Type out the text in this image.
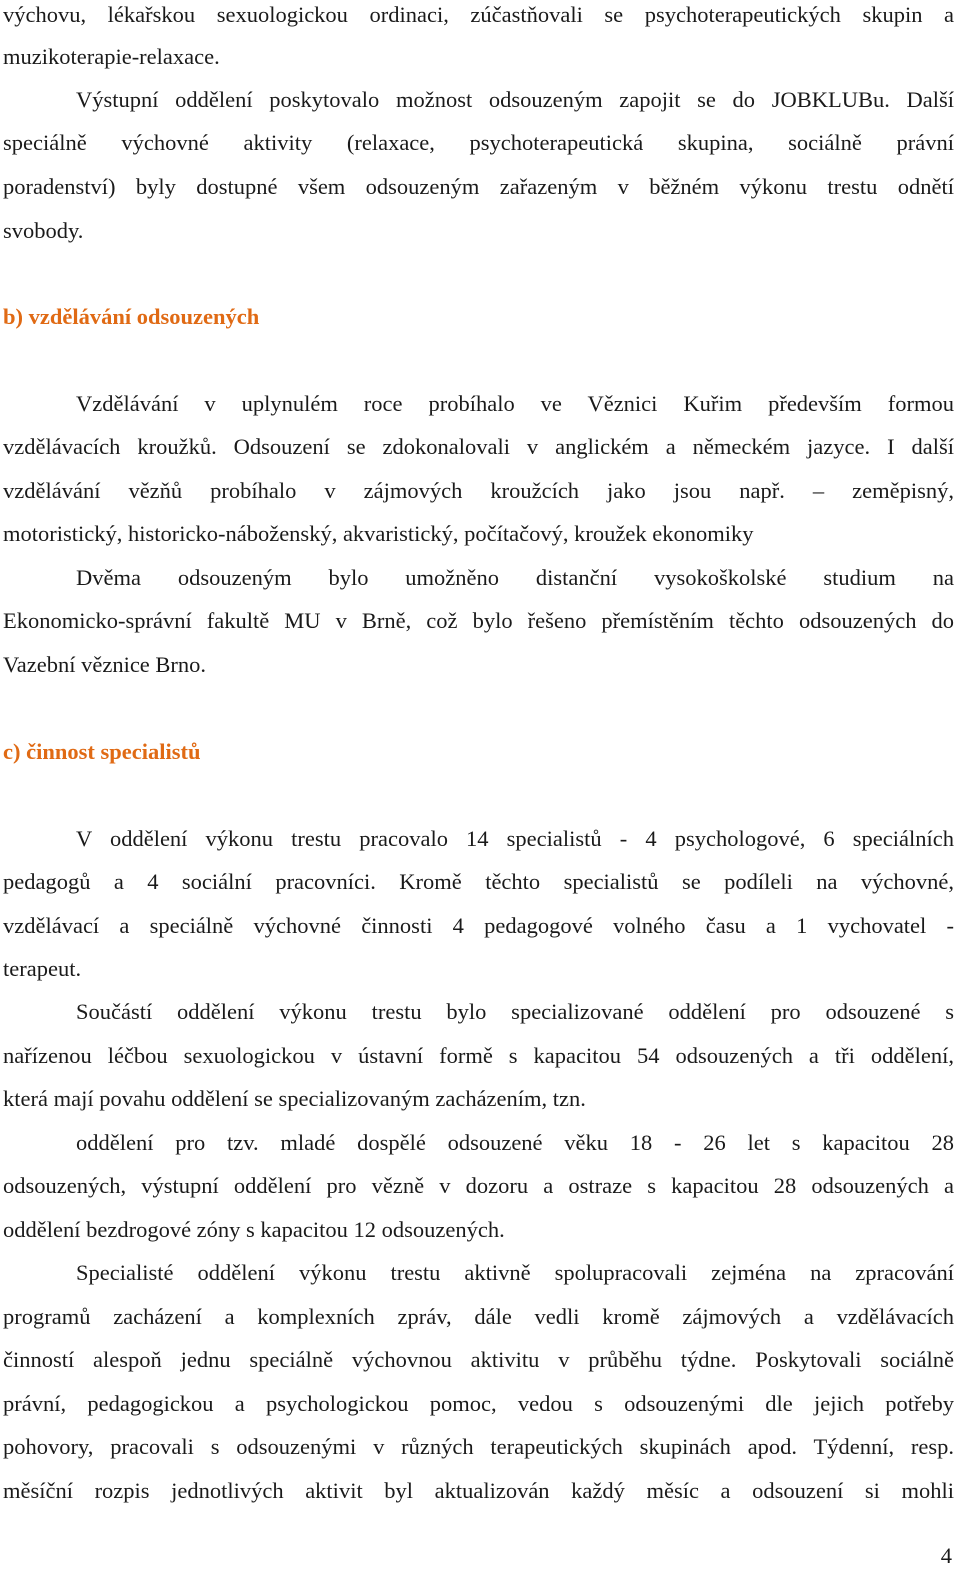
výchovu, lékařskou sexuologickou ordinaci, zúčastňovali se psychoterapeutických skupin a
muzikoterapie-relaxace.
Výstupní oddělení poskytovalo možnost odsouzeným zapojit se do JOBKLUBu. Další
speciálně výchovné aktivity (relaxace, psychoterapeutická skupina, sociálně právní
poradenství) byly dostupné všem odsouzeným zařazeným v běžném výkonu trestu odnětí
svobody.
b) vzdělávání odsouzených
Vzdělávání v uplynulém roce probíhalo ve Věznici Kuřim především formou
vzdělávacích kroužků. Odsouzení se zdokonalovali v anglickém a německém jazyce. I další
vzdělávání vězňů probíhalo v zájmových kroužcích jako jsou např. – zeměpisný,
motoristický, historicko-náboženský, akvaristický, počítačový, kroužek ekonomiky
Dvěma odsouzeným bylo umožněno distanční vysokoškolské studium na
Ekonomicko-správní fakultě MU v Brně, což bylo řešeno přemístěním těchto odsouzených do
Vazební věznice Brno.
c) činnost specialistů
V oddělení výkonu trestu pracovalo 14 specialistů - 4 psychologové, 6 speciálních
pedagogů a 4 sociální pracovníci. Kromě těchto specialistů se podíleli na výchovné,
vzdělávací a speciálně výchovné činnosti 4 pedagogové volného času a 1 vychovatel -
terapeut.
Součástí oddělení výkonu trestu bylo specializované oddělení pro odsouzené s
nařízenou léčbou sexuologickou v ústavní formě s kapacitou 54 odsouzených a tři oddělení,
která mají povahu oddělení se specializovaným zacházením, tzn.
oddělení pro tzv. mladé dospělé odsouzené věku 18 - 26 let s kapacitou 28
odsouzených, výstupní oddělení pro vězně v dozoru a ostraze s kapacitou 28 odsouzených a
oddělení bezdrogové zóny s kapacitou 12 odsouzených.
Specialisté oddělení výkonu trestu aktivně spolupracovali zejména na zpracování
programů zacházení a komplexních zpráv, dále vedli kromě zájmových a vzdělávacích
činností alespoň jednu speciálně výchovnou aktivitu v průběhu týdne. Poskytovali sociálně
právní, pedagogickou a psychologickou pomoc, vedou s odsouzenými dle jejich potřeby
pohovory, pracovali s odsouzenými v různých terapeutických skupinách apod. Týdenní, resp.
měsíční rozpis jednotlivých aktivit byl aktualizován každý měsíc a odsouzení si mohli
4
